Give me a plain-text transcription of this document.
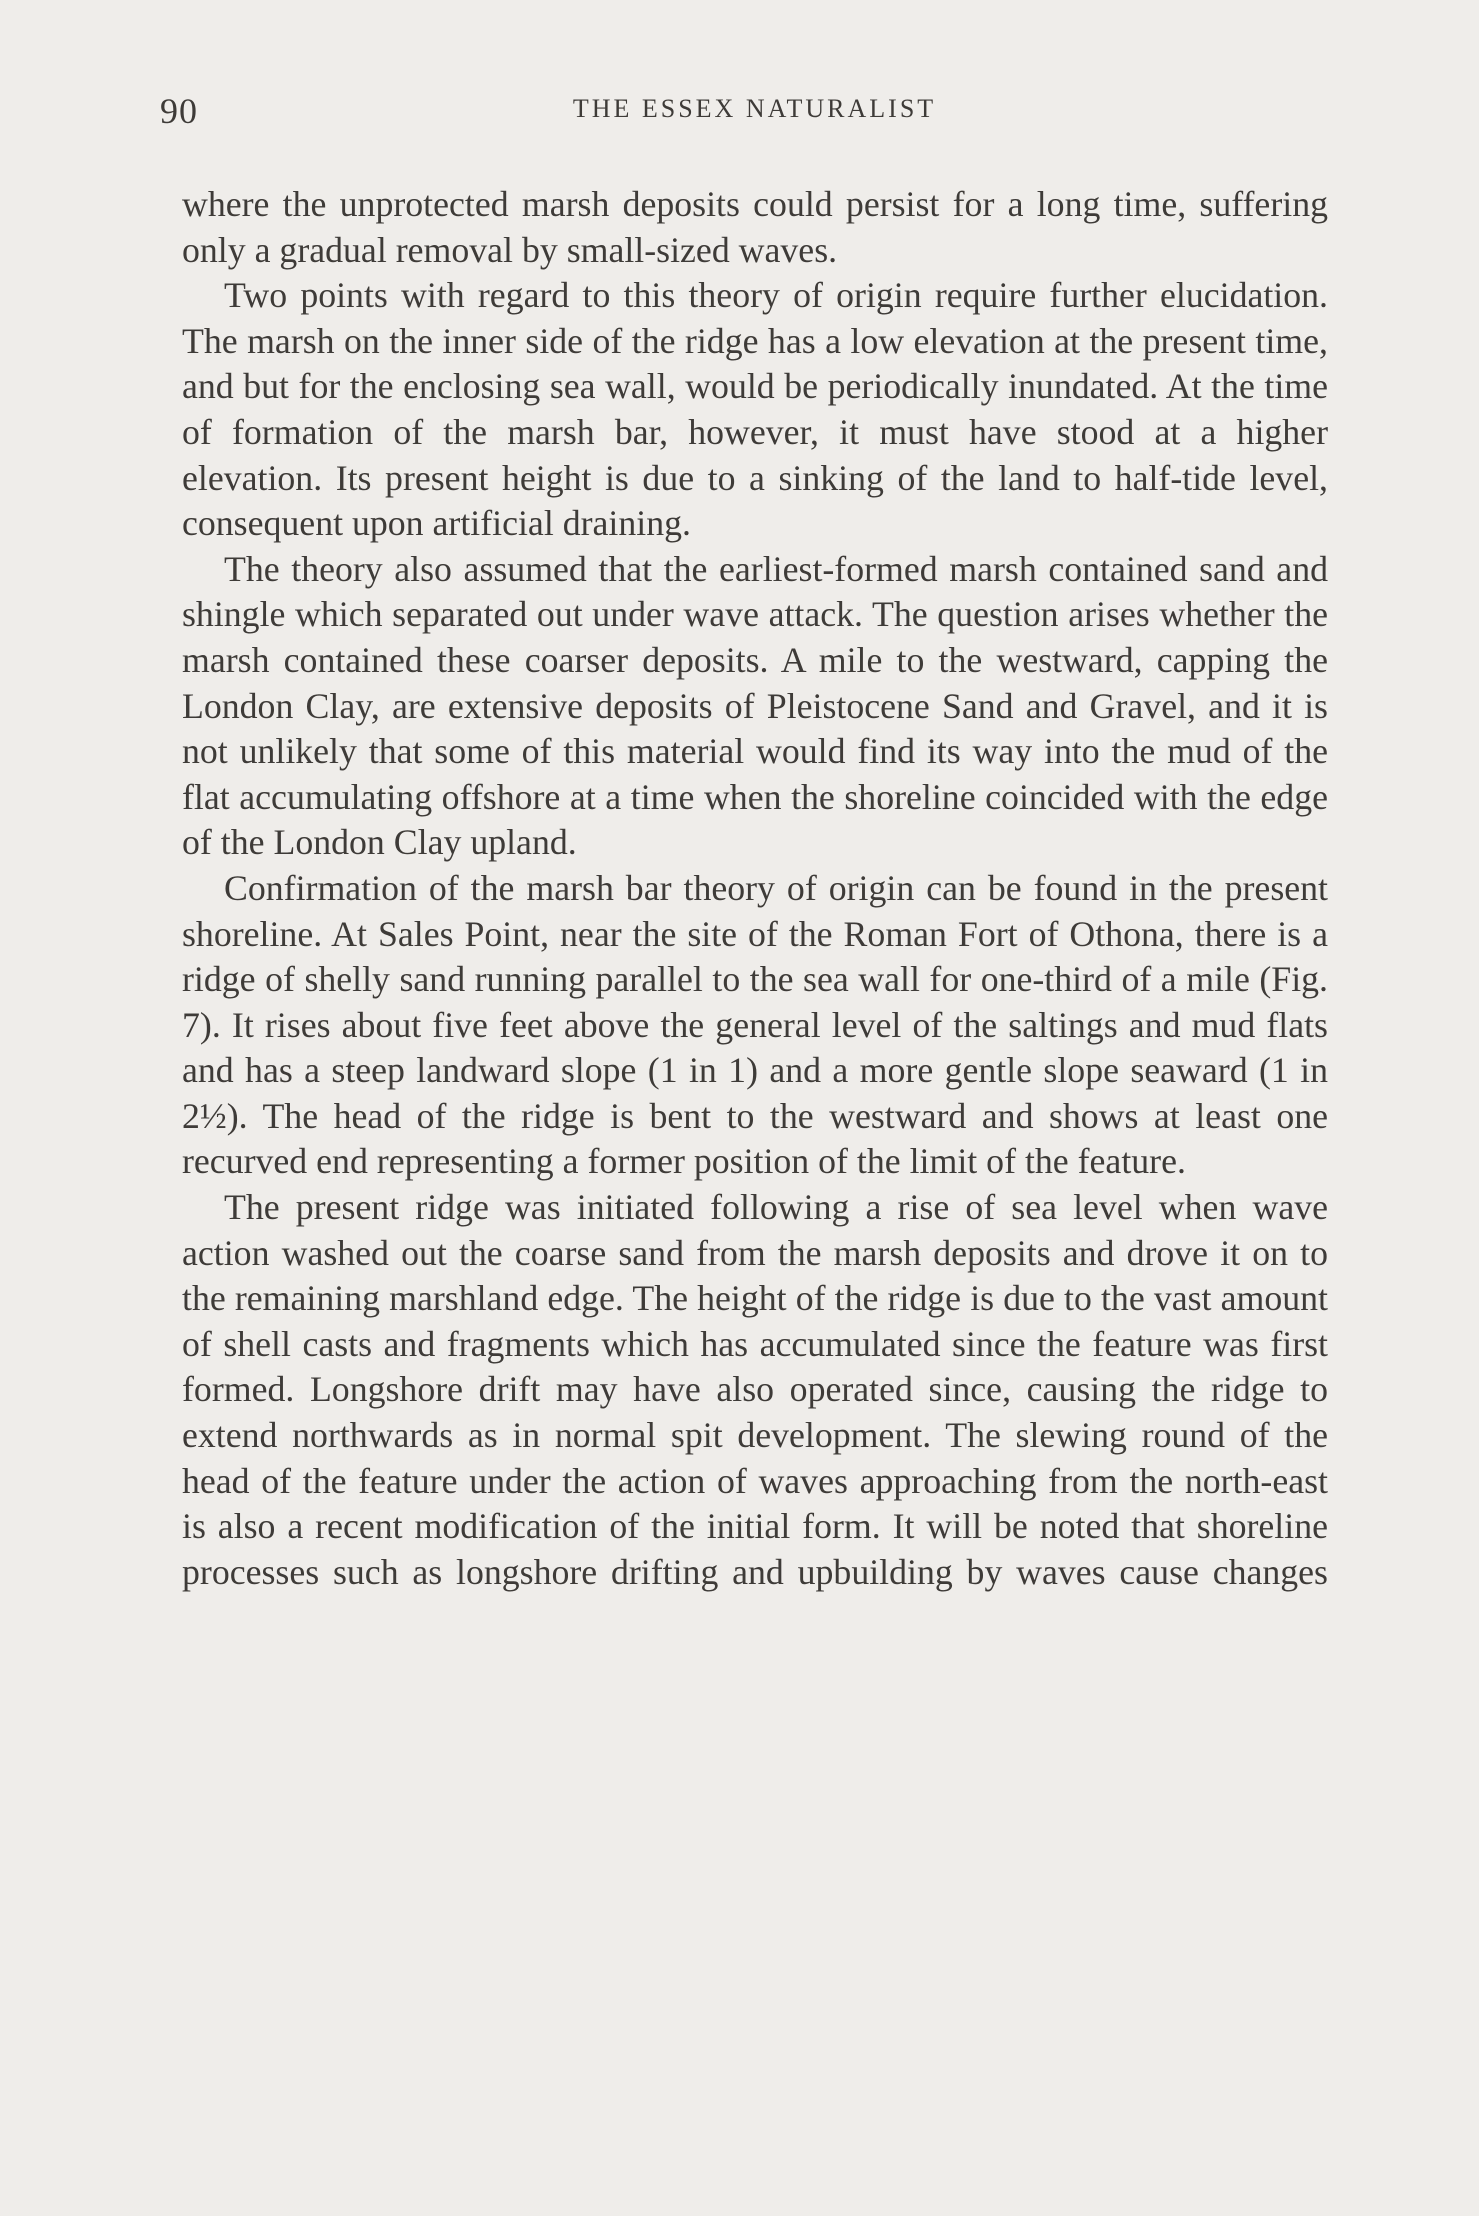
90	THE ESSEX NATURALIST

where the unprotected marsh deposits could persist for a long time, suffering only a gradual removal by small-sized waves.

Two points with regard to this theory of origin require further elucidation. The marsh on the inner side of the ridge has a low elevation at the present time, and but for the enclosing sea wall, would be periodically inundated. At the time of formation of the marsh bar, however, it must have stood at a higher elevation. Its present height is due to a sinking of the land to half-tide level, consequent upon artificial draining.

The theory also assumed that the earliest-formed marsh contained sand and shingle which separated out under wave attack. The question arises whether the marsh contained these coarser deposits. A mile to the westward, capping the London Clay, are extensive deposits of Pleistocene Sand and Gravel, and it is not unlikely that some of this material would find its way into the mud of the flat accumulating offshore at a time when the shoreline coincided with the edge of the London Clay upland.

Confirmation of the marsh bar theory of origin can be found in the present shoreline. At Sales Point, near the site of the Roman Fort of Othona, there is a ridge of shelly sand running parallel to the sea wall for one-third of a mile (Fig. 7). It rises about five feet above the general level of the saltings and mud flats and has a steep landward slope (1 in 1) and a more gentle slope seaward (1 in 2½). The head of the ridge is bent to the westward and shows at least one recurved end representing a former position of the limit of the feature.

The present ridge was initiated following a rise of sea level when wave action washed out the coarse sand from the marsh deposits and drove it on to the remaining marshland edge. The height of the ridge is due to the vast amount of shell casts and fragments which has accumulated since the feature was first formed. Longshore drift may have also operated since, causing the ridge to extend northwards as in normal spit development. The slewing round of the head of the feature under the action of waves approaching from the north-east is also a recent modification of the initial form. It will be noted that shoreline processes such as longshore drifting and upbuilding by waves cause changes
